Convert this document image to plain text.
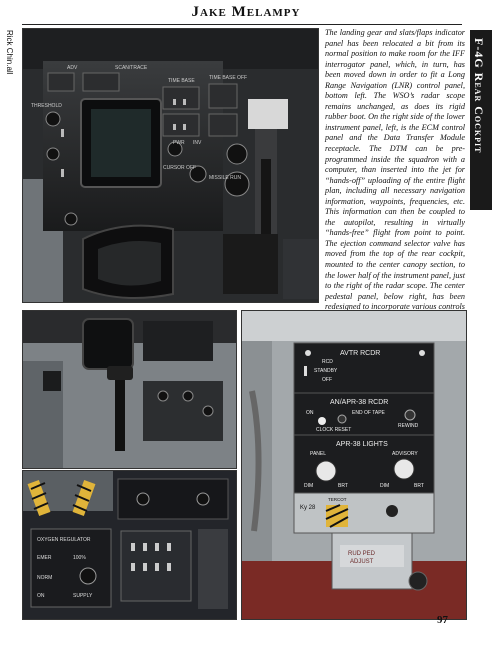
Jake Melampy
Rick Chin.all	F-4G Rear Cockpit
ADV	SCAN/TRACE
THRESHOLD
TIME BASE
PWR INV
TIME BASE OFF
CURSOR OFF
MISSILE RUN
The landing gear and slats/flaps indicator panel has been relocated a bit from its normal position to make room for the IFF interrogator panel, which, in turn, has been moved down in order to fit a Long Range Navigation (LNR) control panel, bottom left. The WSO’s radar scope remains unchanged, as does its rigid rubber boot. On the right side of the lower instrument panel, left, is the ECM control panel and the Data Transfer Module receptacle. The DTM can be pre-programmed inside the squadron with a computer, than inserted into the jet for “hands-off” uploading of the entire flight plan, including all necessary navigation information, waypoints, frequencies, etc. This information can then be coupled to the autopilot, resulting in virtually “hands-free” flight from point to point. The ejection command selector valve has moved from the top of the rear cockpit, mounted to the center canopy section, to the lower half of the instrument panel, just to the right of the radar scope. The center pedestal panel, below right, has been redesigned to incorporate various controls
OXYGEN REGULATOR
EMER	100%
NORM
ON	SUPPLY
AVTR RCDR
RCD
STANDBY
OFF
AN/APR-38 RCDR
ON	END OF TAPE
CLOCK RESET
REWIND
APR-38 LIGHTS
PANEL	ADVISORY
DIM	BRT	DIM	BRT
Ky 28
TERCOT
RUD PED
ADJUST
97
